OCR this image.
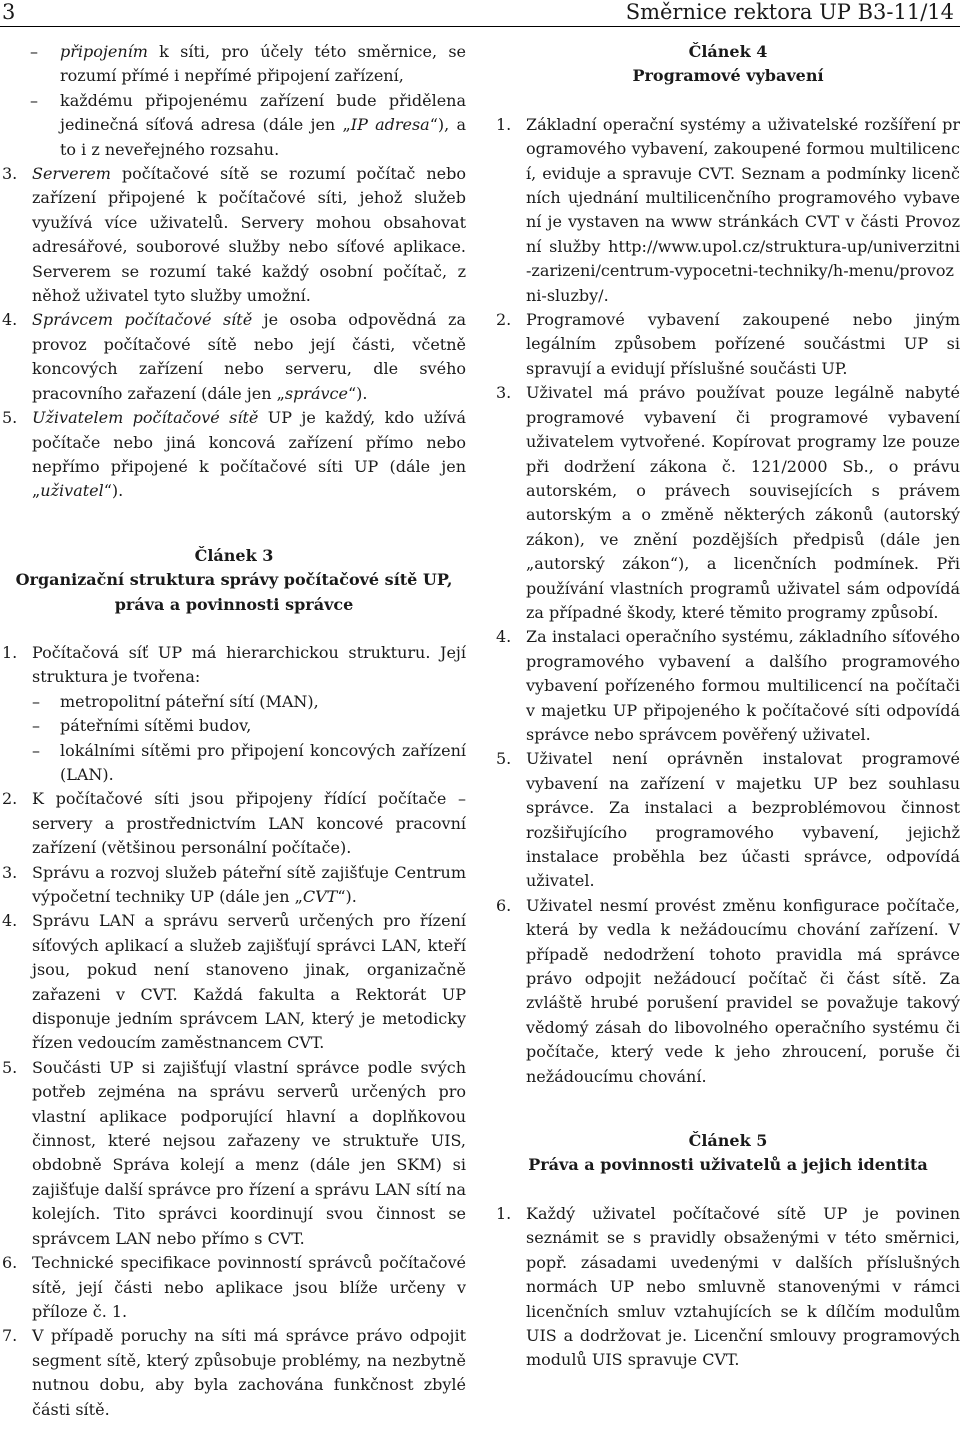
3	Směrnice rektora UP B3-11/14

– připojením k síti, pro účely této směrnice, se rozumí přímé i nepřímé připojení zařízení,

– každému připojenému zařízení bude přidělena jedinečná síťová adresa (dále jen „IP adresa“), a to i z neveřejného rozsahu.

3. Serverem počítačové sítě se rozumí počítač nebo zařízení připojené k počítačové síti, jehož služeb využívá více uživatelů. Servery mohou obsahovat adresářové, souborové služby nebo síťové aplikace. Serverem se rozumí také každý osobní počítač, z něhož uživatel tyto služby umožní.

4. Správcem počítačové sítě je osoba odpovědná za provoz počítačové sítě nebo její části, včetně koncových zařízení nebo serveru, dle svého pracovního zařazení (dále jen „správce“).

5. Uživatelem počítačové sítě UP je každý, kdo užívá počítače nebo jiná koncová zařízení přímo nebo nepřímo připojené k počítačové síti UP (dále jen „uživatel“).

Článek 3

Organizační struktura správy počítačové sítě UP, práva a povinnosti správce

1. Počítačová síť UP má hierarchickou strukturu. Její struktura je tvořena:

– metropolitní páteřní sítí (MAN),

– páteřními sítěmi budov,

– lokálními sítěmi pro připojení koncových zařízení (LAN).

2. K počítačové síti jsou připojeny řídící počítače – servery a prostřednictvím LAN koncové pracovní zařízení (většinou personální počítače).

3. Správu a rozvoj služeb páteřní sítě zajišťuje Centrum výpočetní techniky UP (dále jen „CVT“).

4. Správu LAN a správu serverů určených pro řízení síťových aplikací a služeb zajišťují správci LAN, kteří jsou, pokud není stanoveno jinak, organizačně zařazeni v CVT. Každá fakulta a Rektorát UP disponuje jedním správcem LAN, který je metodicky řízen vedoucím zaměstnancem CVT.

5. Součásti UP si zajišťují vlastní správce podle svých potřeb zejména na správu serverů určených pro vlastní aplikace podporující hlavní a doplňkovou činnost, které nejsou zařazeny ve struktuře UIS, obdobně Správa kolejí a menz (dále jen SKM) si zajišťuje další správce pro řízení a správu LAN sítí na kolejích. Tito správci koordinují svou činnost se správcem LAN nebo přímo s CVT.

6. Technické specifikace povinností správců počítačové sítě, její části nebo aplikace jsou blíže určeny v příloze č. 1.

7. V případě poruchy na síti má správce právo odpojit segment sítě, který způsobuje problémy, na nezbytně nutnou dobu, aby byla zachována funkčnost zbylé části sítě.

Článek 4

Programové vybavení

1. Základní operační systémy a uživatelské rozšíření programového vybavení, zakoupené formou multilicencí, eviduje a spravuje CVT. Seznam a podmínky licenčních ujednání multilicenčního programového vybavení je vystaven na www stránkách CVT v části Provozní služby http://www.upol.cz/struktura-up/univerzitni-zarizeni/centrum-vypocetni-techniky/h-menu/provozni-sluzby/.

2. Programové vybavení zakoupené nebo jiným legálním způsobem pořízené součástmi UP si spravují a evidují příslušné součásti UP.

3. Uživatel má právo používat pouze legálně nabyté programové vybavení či programové vybavení uživatelem vytvořené. Kopírovat programy lze pouze při dodržení zákona č. 121/2000 Sb., o právu autorském, o právech souvisejících s právem autorským a o změně některých zákonů (autorský zákon), ve znění pozdějších předpisů (dále jen „autorský zákon“), a licenčních podmínek. Při používání vlastních programů uživatel sám odpovídá za případné škody, které těmito programy způsobí.

4. Za instalaci operačního systému, základního síťového programového vybavení a dalšího programového vybavení pořízeného formou multilicencí na počítači v majetku UP připojeného k počítačové síti odpovídá správce nebo správcem pověřený uživatel.

5. Uživatel není oprávněn instalovat programové vybavení na zařízení v majetku UP bez souhlasu správce. Za instalaci a bezproblémovou činnost rozšiřujícího programového vybavení, jejichž instalace proběhla bez účasti správce, odpovídá uživatel.

6. Uživatel nesmí provést změnu konfigurace počítače, která by vedla k nežádoucímu chování zařízení. V případě nedodržení tohoto pravidla má správce právo odpojit nežádoucí počítač či část sítě. Za zvláště hrubé porušení pravidel se považuje takový vědomý zásah do libovolného operačního systému či počítače, který vede k jeho zhroucení, poruše či nežádoucímu chování.

Článek 5

Práva a povinnosti uživatelů a jejich identita

1. Každý uživatel počítačové sítě UP je povinen seznámit se s pravidly obsaženými v této směrnici, popř. zásadami uvedenými v dalších příslušných normách UP nebo smluvně stanovenými v rámci licenčních smluv vztahujících se k dílčím modulům UIS a dodržovat je. Licenční smlouvy programových modulů UIS spravuje CVT.
